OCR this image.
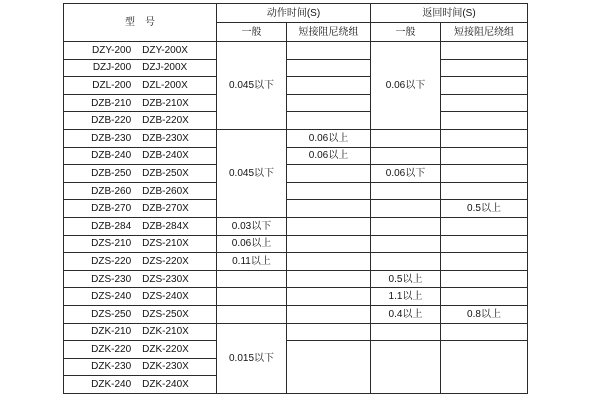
型　号	动作时间(S)		返回时间(S)	
	一般	短接阻尼绕组	一般	短接阻尼绕组
DZY-200 DZY-200X	0.045以下		0.06以下	
DZJ-200 DZJ-200X				
DZL-200 DZL-200X				
DZB-210 DZB-210X				
DZB-220 DZB-220X				
DZB-230 DZB-230X	0.045以下	0.06以上		
DZB-240 DZB-240X		0.06以上		
DZB-250 DZB-250X			0.06以下	
DZB-260 DZB-260X				
DZB-270 DZB-270X				0.5以上
DZB-284 DZB-284X	0.03以下			
DZS-210 DZS-210X	0.06以上			
DZS-220 DZS-220X	0.11以上			
DZS-230 DZS-230X			0.5以上	
DZS-240 DZS-240X			1.1以上	
DZS-250 DZS-250X			0.4以上	0.8以上
DZK-210 DZK-210X	0.015以下			
DZK-220 DZK-220X				
DZK-230 DZK-230X				
DZK-240 DZK-240X				
